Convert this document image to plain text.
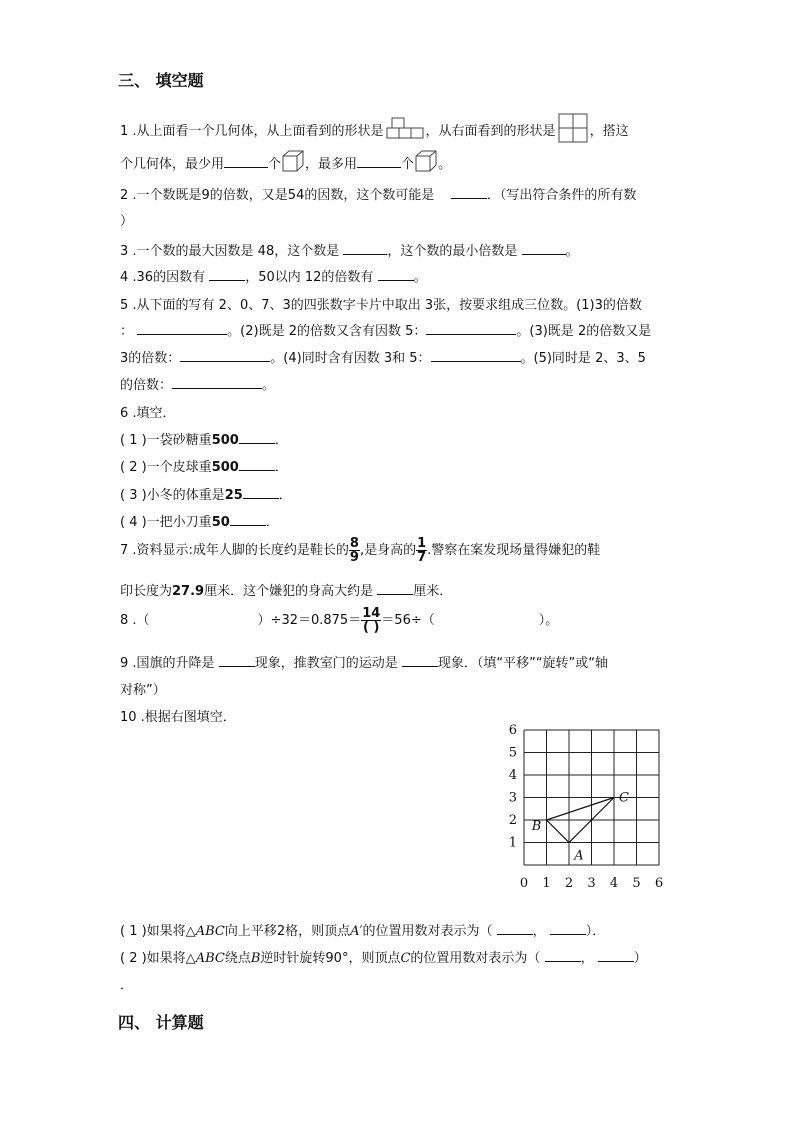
三、 填空题
1 .从上面看一个几何体，从上面看到的形状是	，从右面看到的形状是	，搭这
个几何体，最少用	个 ，最多用	个 。
2 .一个数既是9的倍数，又是54的因数，这个数可能是	．（写出符合条件的所有数
）
3 .一个数的最大因数是 48，这个数是	，这个数的最小倍数是	。
4 .36的因数有	，50以内 12的倍数有	。
5 .从下面的写有 2、0、7、3的四张数字卡片中取出 3张，按要求组成三位数。(1)3的倍数
：	。(2)既是 2的倍数又含有因数 5：	。(3)既是 2的倍数又是
3的倍数：	。(4)同时含有因数 3和 5：	。(5)同时是 2、3、5
的倍数：	。
6 .填空．
( 1 )一袋砂糖重500	．
( 2 )一个皮球重500	．
( 3 )小冬的体重是25	．
( 4 )一把小刀重50	．
7 .资料显示:成年人脚的长度约是鞋长的 $\frac{8}{9}$ ,是身高的 $\frac{1}{7}$ .警察在案发现场量得嫌犯的鞋
印长度为27.9厘米．这个嫌犯的身高大约是	厘米．
8 .（	）$\div 32=0.875= \frac{14}{( )} =56\div$（	）。
9 .国旗的升降是	现象，推教室门的运动是	现象．（填“平移”“旋转”或“轴
对称”）
10 .根据右图填空．
0 1 2 3 4 5 6
1
2
3
4
5
6
A
B
C
( 1 )如果将△ABC向上平移2格，则顶点A′的位置用数对表示为（	，	）．
( 2 )如果将△ABC绕点B逆时针旋转90°，则顶点C的位置用数对表示为（	，	）
．
四、 计算题
